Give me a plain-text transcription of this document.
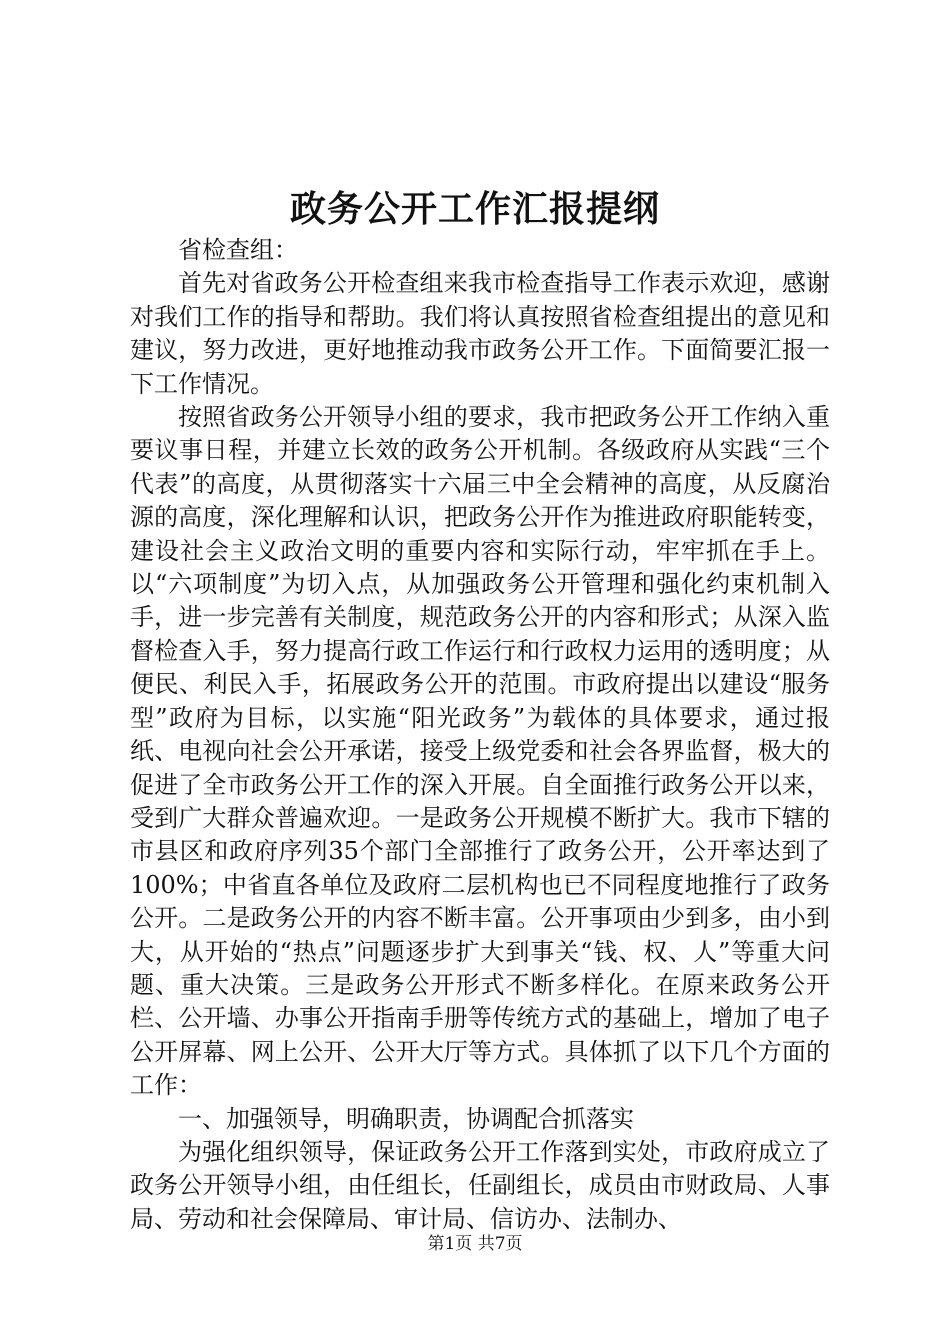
政务公开工作汇报提纲

省检查组：

首先对省政务公开检查组来我市检查指导工作表示欢迎，感谢对我们工作的指导和帮助。我们将认真按照省检查组提出的意见和建议，努力改进，更好地推动我市政务公开工作。下面简要汇报一下工作情况。

按照省政务公开领导小组的要求，我市把政务公开工作纳入重要议事日程，并建立长效的政务公开机制。各级政府从实践“三个代表”的高度，从贯彻落实十六届三中全会精神的高度，从反腐治源的高度，深化理解和认识，把政务公开作为推进政府职能转变，建设社会主义政治文明的重要内容和实际行动，牢牢抓在手上。以“六项制度”为切入点，从加强政务公开管理和强化约束机制入手，进一步完善有关制度，规范政务公开的内容和形式；从深入监督检查入手，努力提高行政工作运行和行政权力运用的透明度；从便民、利民入手，拓展政务公开的范围。市政府提出以建设“服务型”政府为目标，以实施“阳光政务”为载体的具体要求，通过报纸、电视向社会公开承诺，接受上级党委和社会各界监督，极大的促进了全市政务公开工作的深入开展。自全面推行政务公开以来，受到广大群众普遍欢迎。一是政务公开规模不断扩大。我市下辖的市县区和政府序列35个部门全部推行了政务公开，公开率达到了100%；中省直各单位及政府二层机构也已不同程度地推行了政务公开。二是政务公开的内容不断丰富。公开事项由少到多，由小到大，从开始的“热点”问题逐步扩大到事关“钱、权、人”等重大问题、重大决策。三是政务公开形式不断多样化。在原来政务公开栏、公开墙、办事公开指南手册等传统方式的基础上，增加了电子公开屏幕、网上公开、公开大厅等方式。具体抓了以下几个方面的工作：

一、加强领导，明确职责，协调配合抓落实

为强化组织领导，保证政务公开工作落到实处，市政府成立了政务公开领导小组，由任组长，任副组长，成员由市财政局、人事局、劳动和社会保障局、审计局、信访办、法制办、

第1页 共7页
